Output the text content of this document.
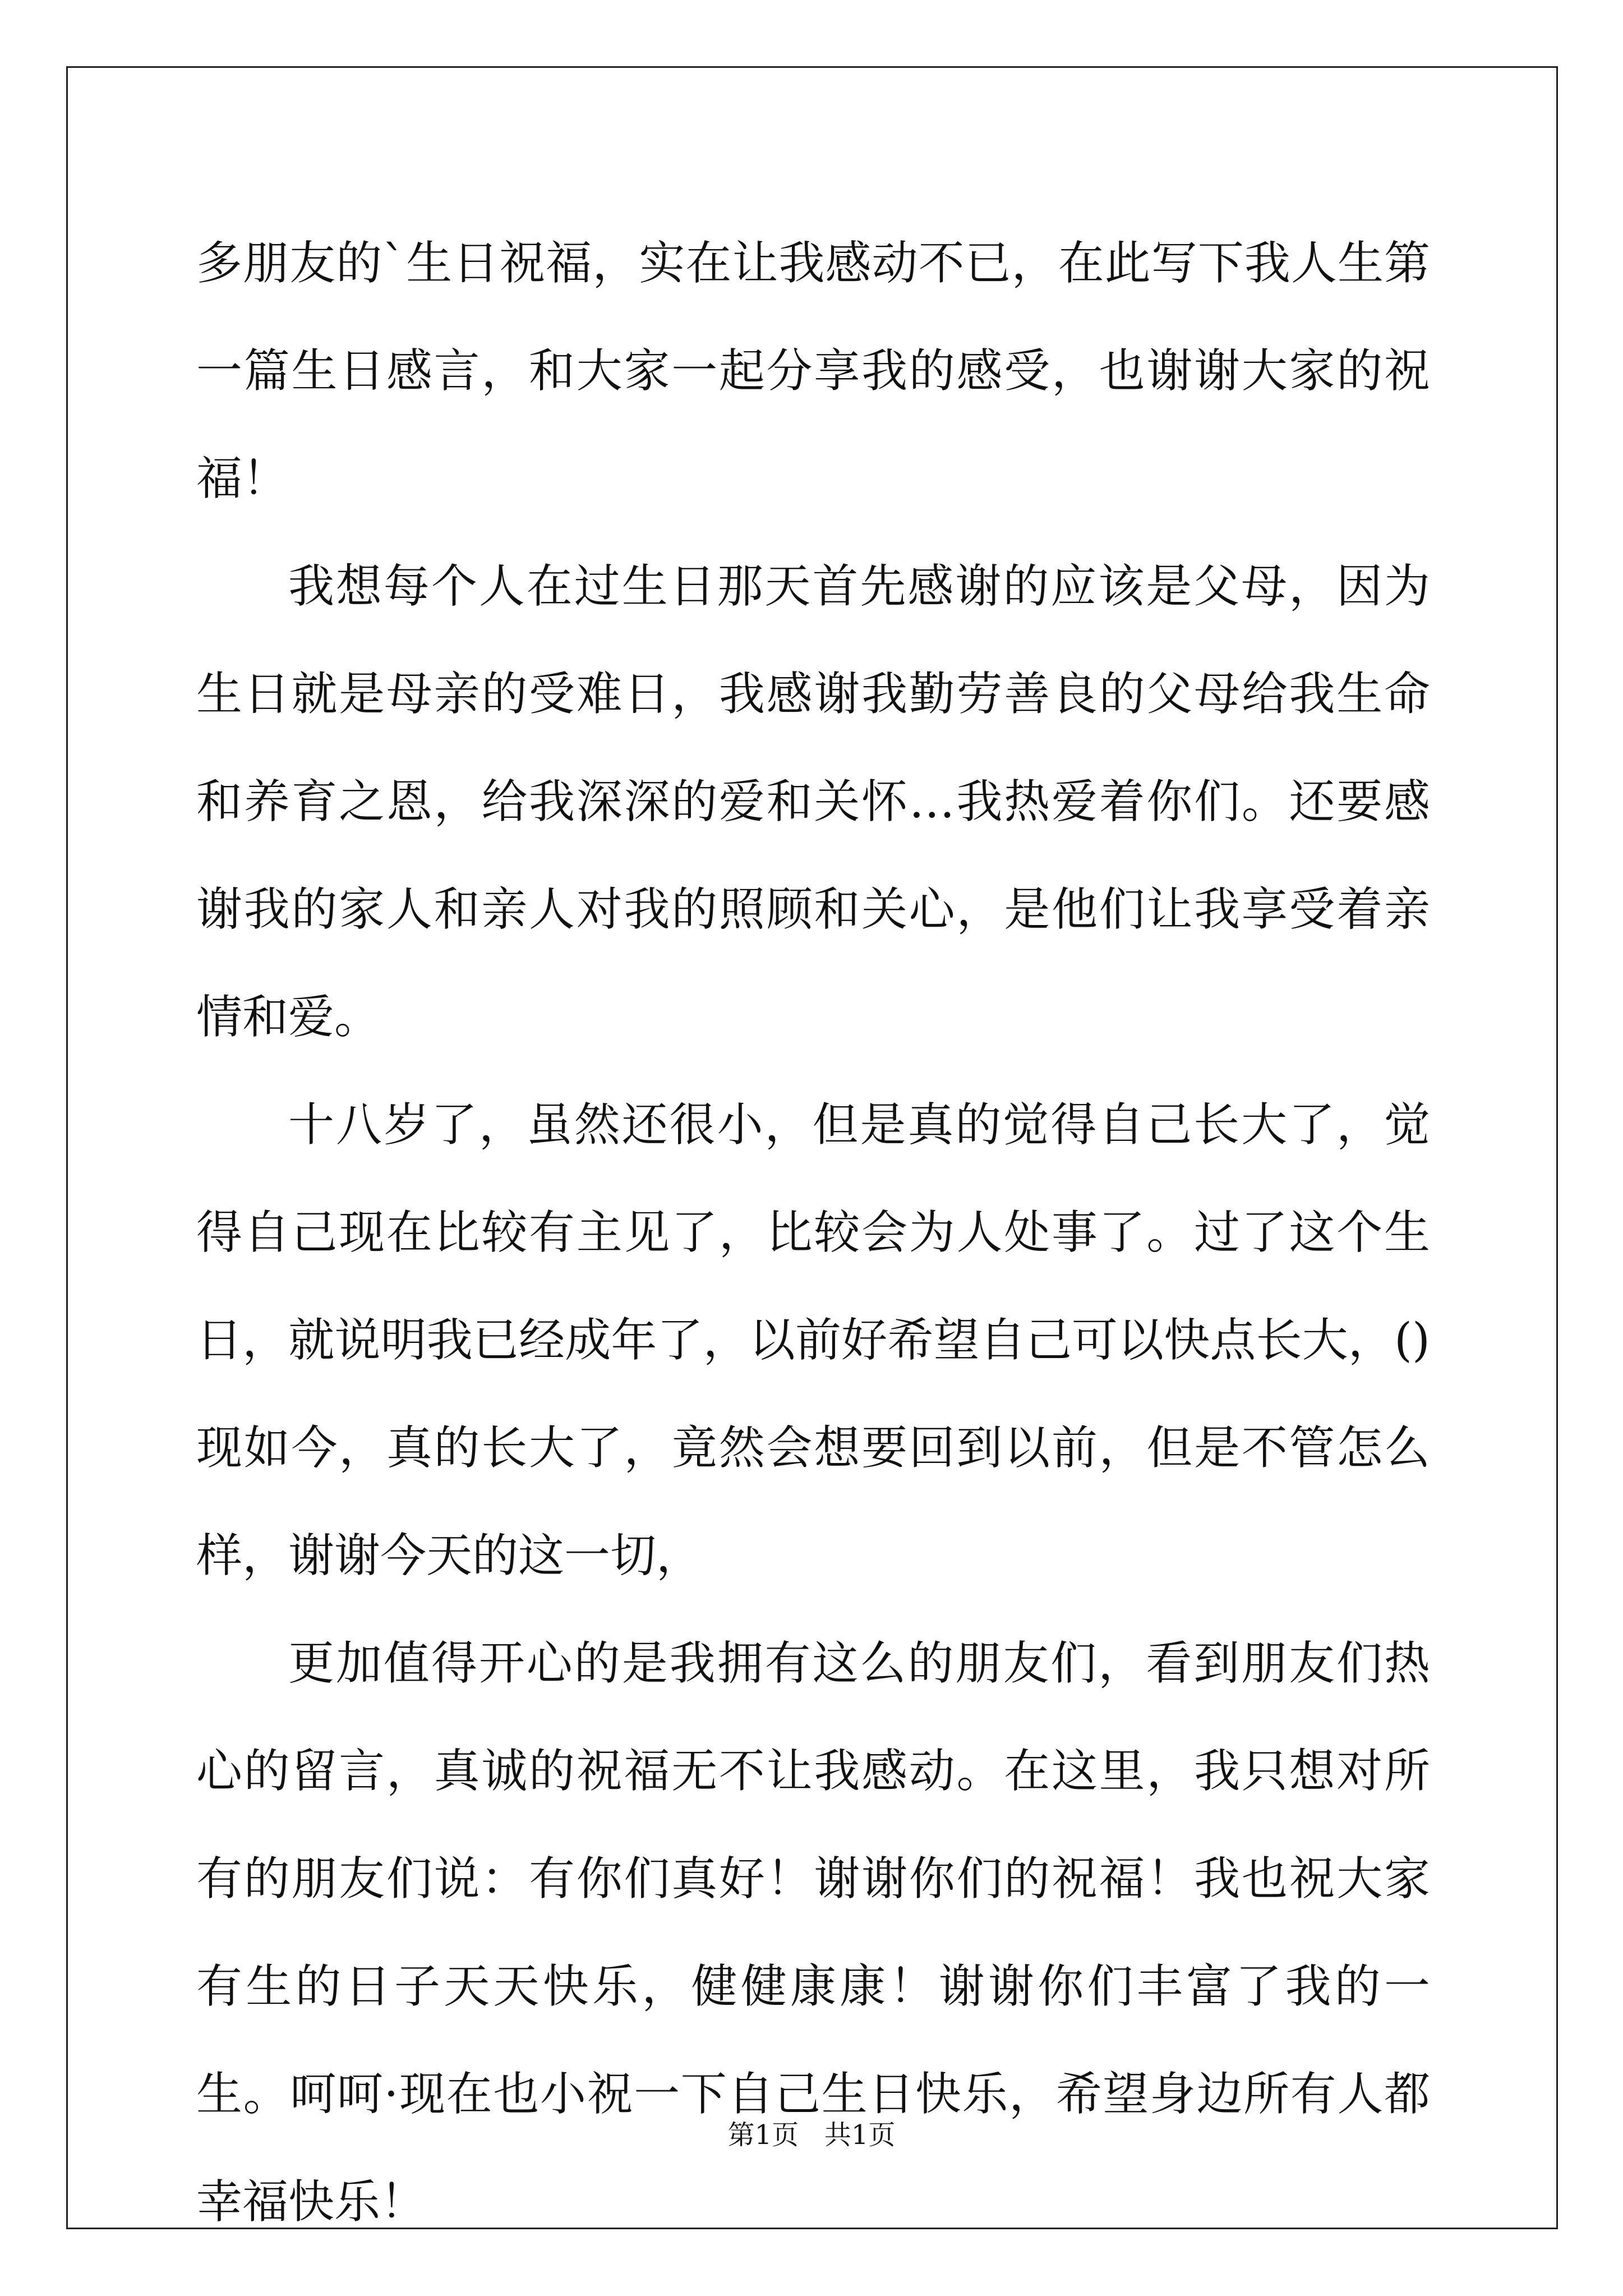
多朋友的`生日祝福，实在让我感动不已，在此写下我人生第一篇生日感言，和大家一起分享我的感受，也谢谢大家的祝福！

我想每个人在过生日那天首先感谢的应该是父母，因为生日就是母亲的受难日，我感谢我勤劳善良的父母给我生命和养育之恩，给我深深的爱和关怀…我热爱着你们。还要感谢我的家人和亲人对我的照顾和关心，是他们让我享受着亲情和爱。

十八岁了，虽然还很小，但是真的觉得自己长大了，觉得自己现在比较有主见了，比较会为人处事了。过了这个生日，就说明我已经成年了，以前好希望自己可以快点长大，()现如今，真的长大了，竟然会想要回到以前，但是不管怎么样，谢谢今天的这一切，

更加值得开心的是我拥有这么的朋友们，看到朋友们热心的留言，真诚的祝福无不让我感动。在这里，我只想对所有的朋友们说：有你们真好！谢谢你们的祝福！我也祝大家有生的日子天天快乐，健健康康！谢谢你们丰富了我的一生。呵呵·现在也小祝一下自己生日快乐，希望身边所有人都幸福快乐！

第1页   共1页
